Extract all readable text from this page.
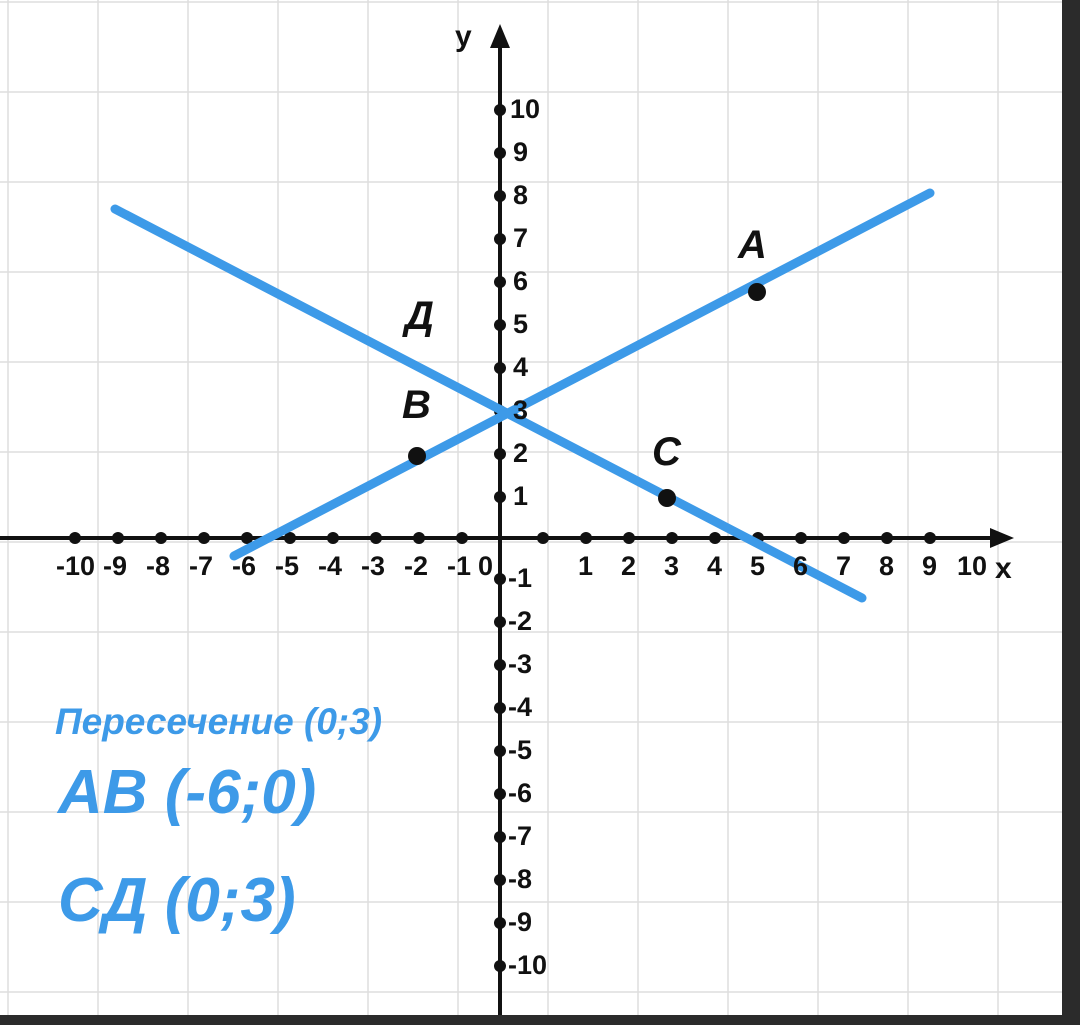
-10 -9 -8 -7 -6 -5 -4 -3 -2 -1 0	1 2 3 4 5 6 7 8 9 10
10
9
8
7
6
5
4
3
2
1
-1
-2
-3
-4
-5
-6
-7
-8
-9
-10
y
x
A
B
Д
C
Пересечение (0;3)
AB (-6;0)
СД (0;3)
